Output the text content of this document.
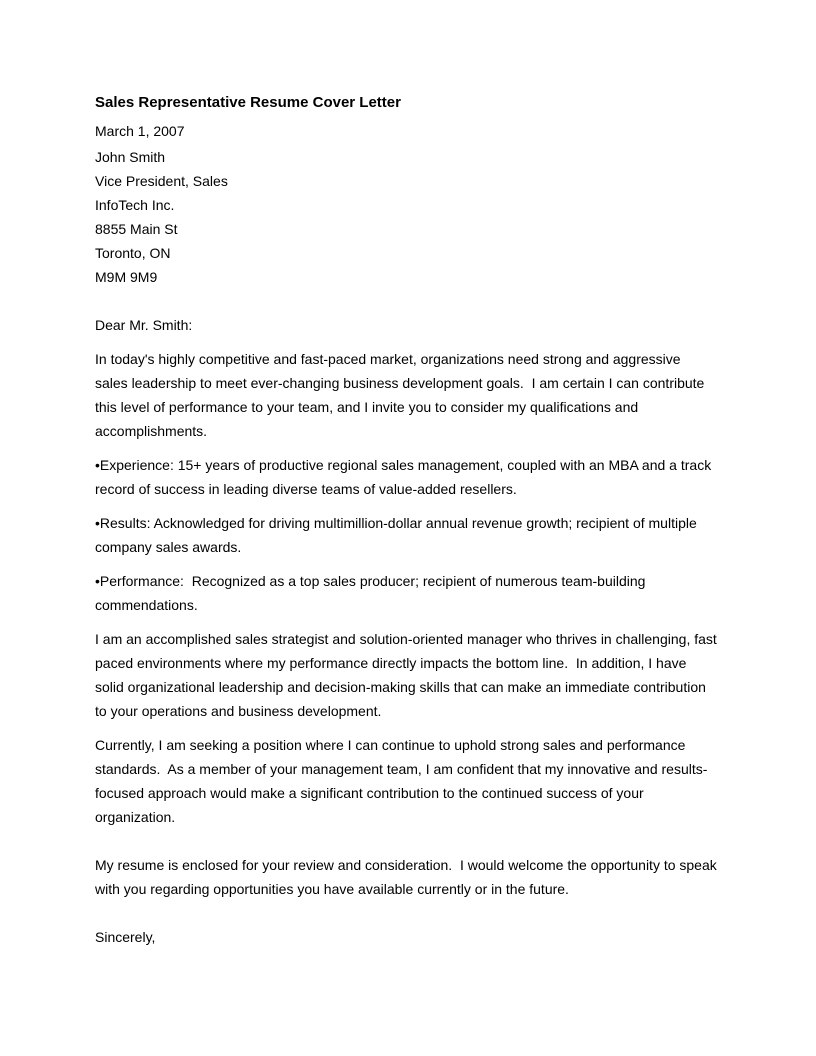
Sales Representative Resume Cover Letter
March 1, 2007
John Smith
Vice President, Sales
InfoTech Inc.
8855 Main St
Toronto, ON
M9M 9M9
Dear Mr. Smith:
In today's highly competitive and fast-paced market, organizations need strong and aggressive sales leadership to meet ever-changing business development goals.  I am certain I can contribute this level of performance to your team, and I invite you to consider my qualifications and accomplishments.
•Experience: 15+ years of productive regional sales management, coupled with an MBA and a track record of success in leading diverse teams of value-added resellers.
•Results: Acknowledged for driving multimillion-dollar annual revenue growth; recipient of multiple company sales awards.
•Performance:  Recognized as a top sales producer; recipient of numerous team-building commendations.
I am an accomplished sales strategist and solution-oriented manager who thrives in challenging, fast paced environments where my performance directly impacts the bottom line.  In addition, I have solid organizational leadership and decision-making skills that can make an immediate contribution to your operations and business development.
Currently, I am seeking a position where I can continue to uphold strong sales and performance standards.  As a member of your management team, I am confident that my innovative and results-focused approach would make a significant contribution to the continued success of your organization.
My resume is enclosed for your review and consideration.  I would welcome the opportunity to speak with you regarding opportunities you have available currently or in the future.
Sincerely,
